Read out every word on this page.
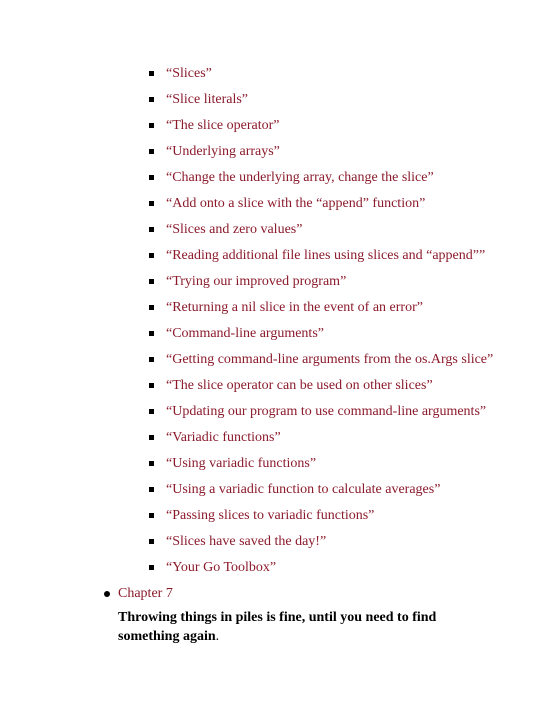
“Slices”
“Slice literals”
“The slice operator”
“Underlying arrays”
“Change the underlying array, change the slice”
“Add onto a slice with the “append” function”
“Slices and zero values”
“Reading additional file lines using slices and “append””
“Trying our improved program”
“Returning a nil slice in the event of an error”
“Command-line arguments”
“Getting command-line arguments from the os.Args slice”
“The slice operator can be used on other slices”
“Updating our program to use command-line arguments”
“Variadic functions”
“Using variadic functions”
“Using a variadic function to calculate averages”
“Passing slices to variadic functions”
“Slices have saved the day!”
“Your Go Toolbox”
Chapter 7

Throwing things in piles is fine, until you need to find something again.
